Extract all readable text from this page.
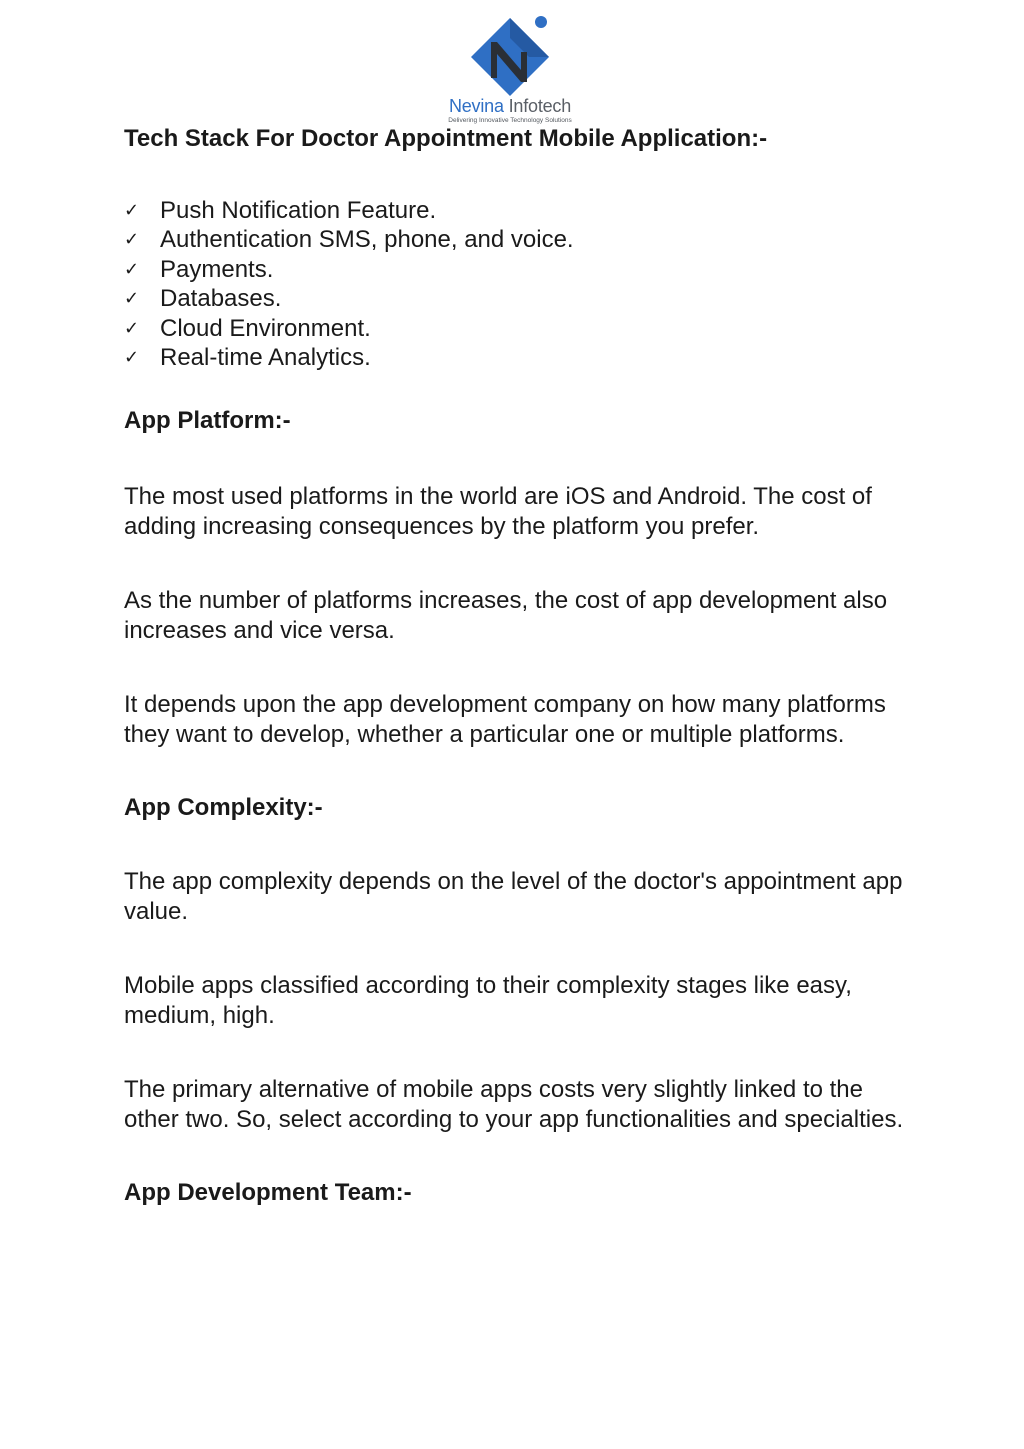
Nevina Infotech
Delivering Innovative Technology Solutions
Tech Stack For Doctor Appointment Mobile Application:-
✓ Push Notification Feature.
✓ Authentication SMS, phone, and voice.
✓ Payments.
✓ Databases.
✓ Cloud Environment.
✓ Real-time Analytics.
App Platform:-

The most used platforms in the world are iOS and Android. The cost of adding increasing consequences by the platform you prefer.

As the number of platforms increases, the cost of app development also increases and vice versa.

It depends upon the app development company on how many platforms they want to develop, whether a particular one or multiple platforms.

App Complexity:-

The app complexity depends on the level of the doctor's appointment app value.

Mobile apps classified according to their complexity stages like easy, medium, high.

The primary alternative of mobile apps costs very slightly linked to the other two. So, select according to your app functionalities and specialties.

App Development Team:-
